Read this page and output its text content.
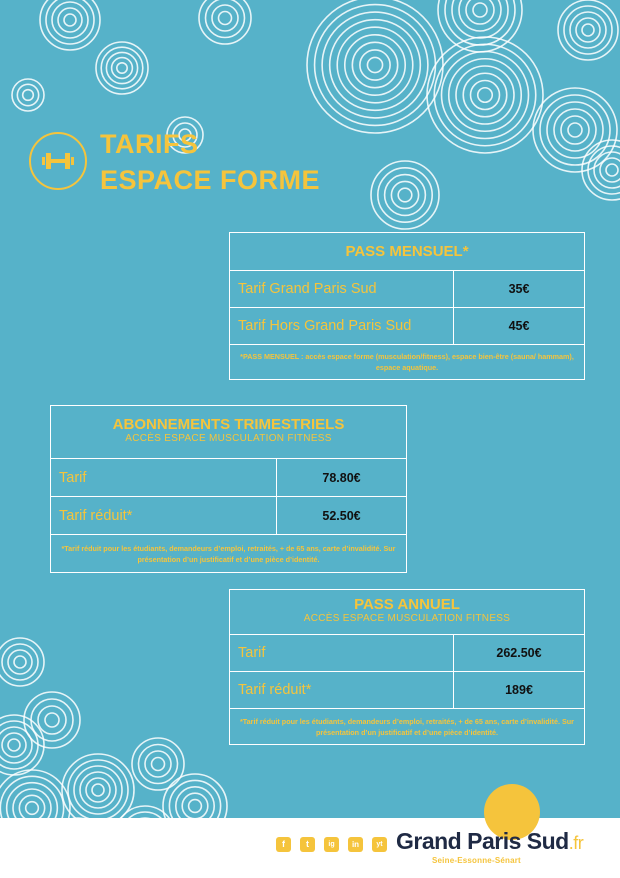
TARIFS
ESPACE FORME
PASS MENSUEL*
Tarif Grand Paris Sud	35€
Tarif Hors Grand Paris Sud	45€
*PASS MENSUEL : accès espace forme (musculation/fitness), espace bien-être (sauna/ hammam), espace aquatique.
ABONNEMENTS TRIMESTRIELS
ACCÈS ESPACE MUSCULATION FITNESS
Tarif	78.80€
Tarif réduit*	52.50€
*Tarif réduit pour les étudiants, demandeurs d’emploi, retraités, + de 65 ans, carte d’invalidité. Sur présentation d’un justificatif et d’une pièce d’identité.
PASS ANNUEL
ACCÈS ESPACE MUSCULATION FITNESS
Tarif	262.50€
Tarif réduit*	189€
*Tarif réduit pour les étudiants, demandeurs d’emploi, retraités, + de 65 ans, carte d’invalidité. Sur présentation d’un justificatif et d’une pièce d’identité.
f	t	ig	in	yt Grand Paris Sud.fr
Seine-Essonne-Sénart
